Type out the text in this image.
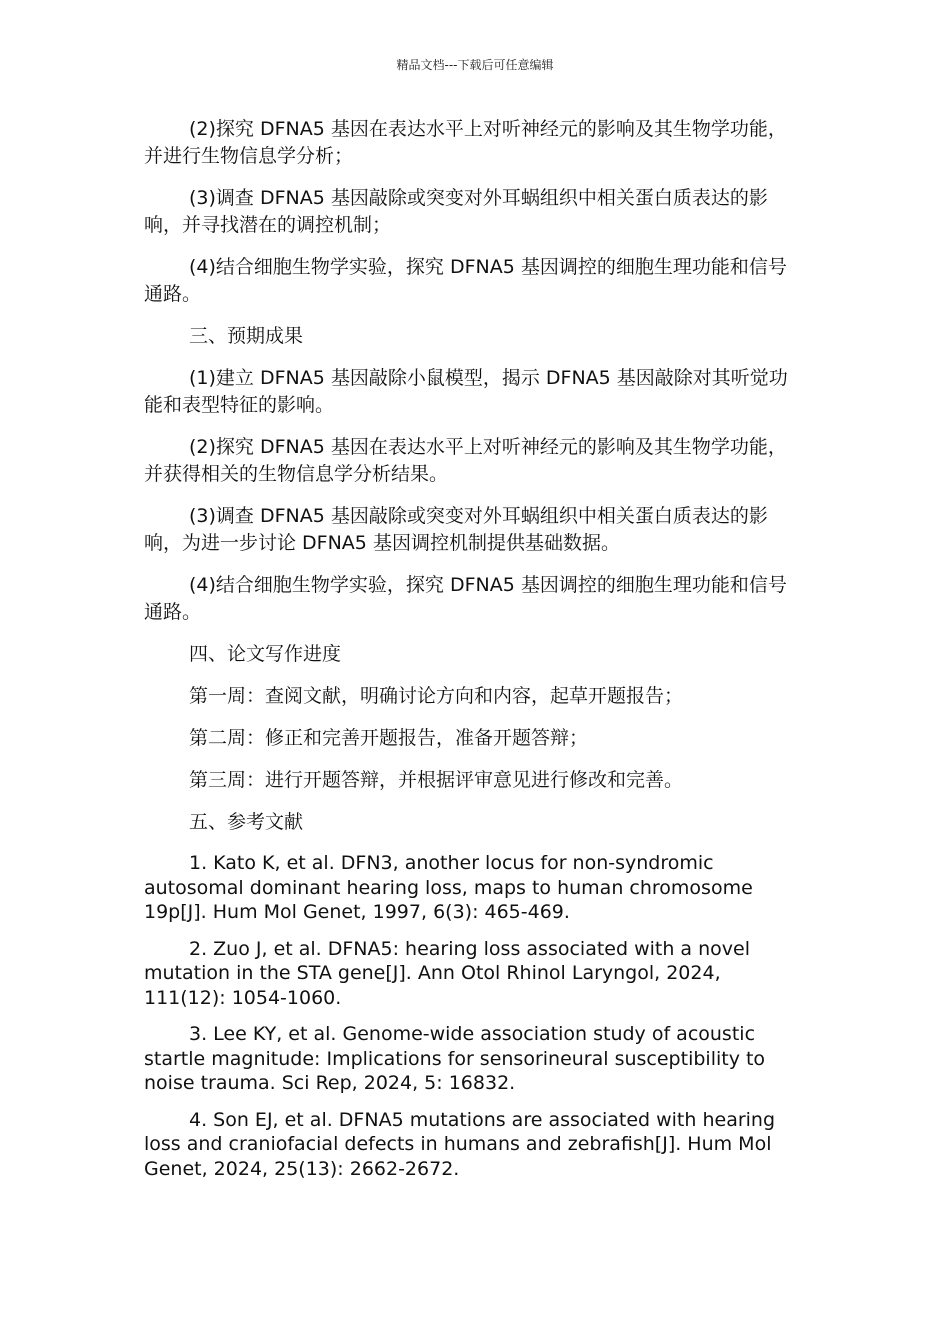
精品文档---下载后可任意编辑

(2)探究 DFNA5 基因在表达水平上对听神经元的影响及其生物学功能，并进行生物信息学分析；

(3)调查 DFNA5 基因敲除或突变对外耳蜗组织中相关蛋白质表达的影响，并寻找潜在的调控机制；

(4)结合细胞生物学实验，探究 DFNA5 基因调控的细胞生理功能和信号通路。

三、预期成果

(1)建立 DFNA5 基因敲除小鼠模型，揭示 DFNA5 基因敲除对其听觉功能和表型特征的影响。

(2)探究 DFNA5 基因在表达水平上对听神经元的影响及其生物学功能，并获得相关的生物信息学分析结果。

(3)调查 DFNA5 基因敲除或突变对外耳蜗组织中相关蛋白质表达的影响，为进一步讨论 DFNA5 基因调控机制提供基础数据。

(4)结合细胞生物学实验，探究 DFNA5 基因调控的细胞生理功能和信号通路。

四、论文写作进度

第一周：查阅文献，明确讨论方向和内容，起草开题报告；

第二周：修正和完善开题报告，准备开题答辩；

第三周：进行开题答辩，并根据评审意见进行修改和完善。

五、参考文献

1. Kato K, et al. DFN3, another locus for non-syndromic autosomal dominant hearing loss, maps to human chromosome 19p[J]. Hum Mol Genet, 1997, 6(3): 465-469.

2. Zuo J, et al. DFNA5: hearing loss associated with a novel mutation in the STA gene[J]. Ann Otol Rhinol Laryngol, 2024, 111(12): 1054-1060.

3. Lee KY, et al. Genome-wide association study of acoustic startle magnitude: Implications for sensorineural susceptibility to noise trauma. Sci Rep, 2024, 5: 16832.

4. Son EJ, et al. DFNA5 mutations are associated with hearing loss and craniofacial defects in humans and zebrafish[J]. Hum Mol Genet, 2024, 25(13): 2662-2672.
